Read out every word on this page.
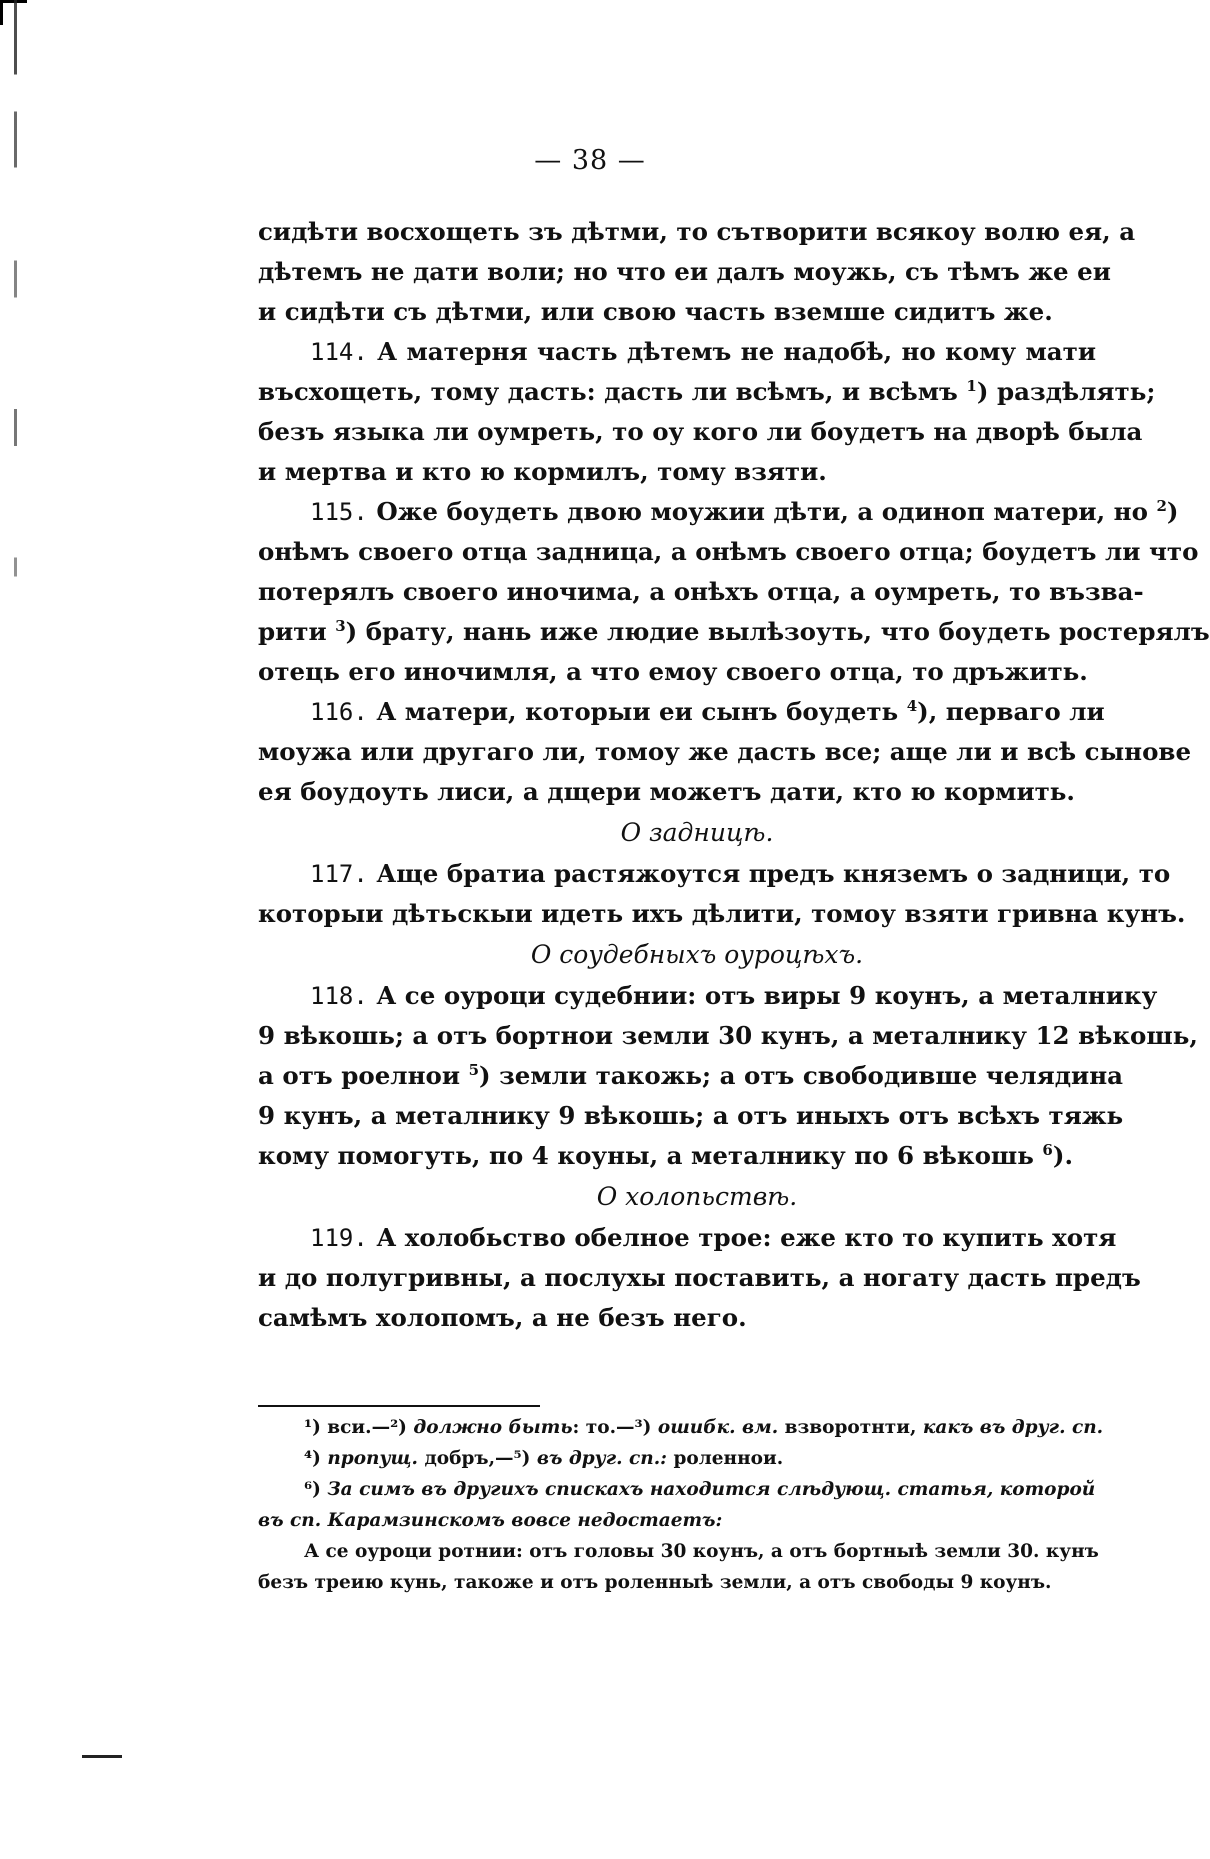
— 38 —
сидѣти восхощеть зъ дѣтми, то сътворити всякоу волю ея, а
дѣтемъ не дати воли; но что еи далъ моужь, съ тѣмъ же еи
и сидѣти съ дѣтми, или свою часть вземше сидитъ же.
114. А матерня часть дѣтемъ не надобѣ, но кому мати
въсхощеть, тому дасть: дасть ли всѣмъ, и всѣмъ $^1$) раздѣлять;
безъ языка ли оумреть, то оу кого ли боудетъ на дворѣ была
и мертва и кто ю кормилъ, тому взяти.
115. Оже боудеть двою моужии дѣти, а одиноп матери, но $^2$)
онѣмъ своего отца задница, а онѣмъ своего отца; боудетъ ли что
потерялъ своего иночима, а онѣхъ отца, а оумреть, то възва-
рити $^3$) брату, нань иже людие вылѣзоуть, что боудеть ростерялъ
отець его иночимля, а что емоу своего отца, то дръжить.
116. А матери, которыи еи сынъ боудеть $^4$), перваго ли
моужа или другаго ли, томоу же дасть все; аще ли и всѣ сынове
ея боудоуть лиси, а дщери можетъ дати, кто ю кормить.
О задницѣ.
117. Аще братиа растяжоутся предъ княземъ о задници, то
которыи дѣтьскыи идеть ихъ дѣлити, томоу взяти гривна кунъ.
О соудебныхъ оуроцѣхъ.
118. А се оуроци судебнии: отъ виры 9 коунъ, а металнику
9 вѣкошь; а отъ бортнои земли 30 кунъ, а металнику 12 вѣкошь,
а отъ роелнои $^5$) земли такожь; а отъ свободивше челядина
9 кунъ, а металнику 9 вѣкошь; а отъ иныхъ отъ всѣхъ тяжь
кому помогуть, по 4 коуны, а металнику по 6 вѣкошь $^6$).
О холопьствѣ.
119. А холобьство обелное трое: еже кто то купить хотя
и до полугривны, а послухы поставить, а ногату дасть предъ
самѣмъ холопомъ, а не безъ него.
¹) вси.—²) должно быть: то.—³) ошибк. вм. взворотнти, какъ въ друг. сп.
⁴) пропущ. добръ,—⁵) въ друг. сп.: роленнои.
⁶) За симъ въ другихъ спискахъ находится слѣдующ. статья, которой
въ сп. Карамзинскомъ вовсе недостаетъ:
А се оуроци ротнии: отъ головы 30 коунъ, а отъ бортныѣ земли 30. кунъ
безъ треию кунь, такоже и отъ роленныѣ земли, а отъ свободы 9 коунъ.
